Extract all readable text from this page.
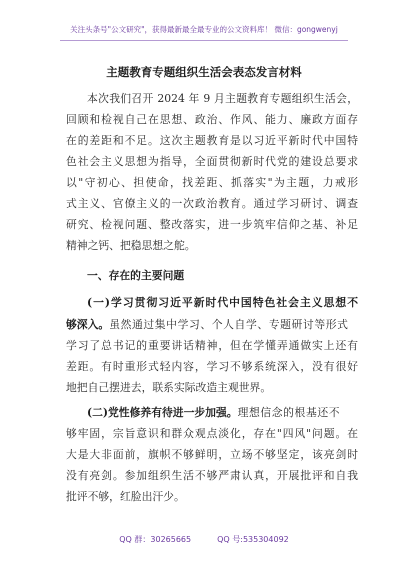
关注头条号"公文研究"，获得最新最全最专业的公文资料库！ 微信：gongwenyj
主题教育专题组织生活会表态发言材料
本次我们召开 2024 年 9 月主题教育专题组织生活会，
回顾和检视自己在思想、政治、作风、能力、廉政方面存
在的差距和不足。这次主题教育是以习近平新时代中国特
色社会主义思想为指导，全面贯彻新时代党的建设总要求
以"守初心、担使命，找差距、抓落实"为主题，力戒形
式主义、官僚主义的一次政治教育。通过学习研讨、调查
研究、检视问题、整改落实，进一步筑牢信仰之基、补足
精神之钙、把稳思想之舵。
一、存在的主要问题
(一)学习贯彻习近平新时代中国特色社会主义思想不
够深入。虽然通过集中学习、个人自学、专题研讨等形式
学习了总书记的重要讲话精神，但在学懂弄通做实上还有
差距。有时重形式轻内容，学习不够系统深入，没有很好
地把自己摆进去，联系实际改造主观世界。
(二)党性修养有待进一步加强。理想信念的根基还不
够牢固，宗旨意识和群众观点淡化，存在"四风"问题。在
大是大非面前，旗帜不够鲜明，立场不够坚定，该亮剑时
没有亮剑。参加组织生活不够严肃认真，开展批评和自我
批评不够，红脸出汗少。
QQ 群：30265665	QQ 号:535304092
